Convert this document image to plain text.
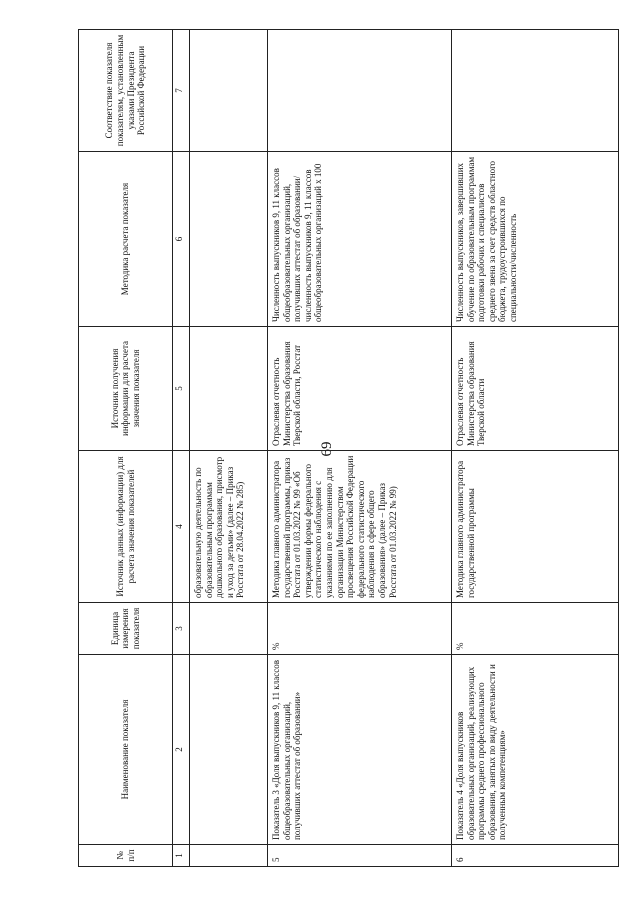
69
№ п/п	Наименование показателя	Единица измерения показателя	Источник данных (информации) для расчета значения показателей	Источник получения информации для расчета значения показателя	Методика расчета показателя	Соответствие показателя показателям, установленным указами Президента Российской Федерации
1	2	3	4	5	6	7
			образовательную деятельность по образовательным программам дошкольного образования, присмотр и уход за детьми» (далее – Приказ Росстата от 28.04.2022 № 285)			
5	Показатель 3 «Доля выпускников 9, 11 классов общеобразовательных организаций, получивших аттестат об образовании»	%	Методика главного администратора государственной программы, приказ Росстата от 01.03.2022 № 99 «Об утверждении формы федерального статистического наблюдения с указаниями по ее заполнению для организации Министерством просвещения Российской Федерации федерального статистического наблюдения в сфере общего образования» (далее – Приказ Росстата от 01.03.2022 № 99)	Отраслевая отчетность Министерства образования Тверской области, Росстат	Численность выпускников 9, 11 классов общеобразовательных организаций, получивших аттестат об образовании/численность выпускников 9, 11 классов общеобразовательных организаций х 100	
6	Показатель 4 «Доля выпускников образовательных организаций, реализующих программы среднего профессионального образования, занятых по виду деятельности и полученным компетенциям»	%	Методика главного администратора государственной программы	Отраслевая отчетность Министерства образования Тверской области	Численность выпускников, завершивших обучение по образовательным программам подготовки рабочих и специалистов среднего звена за счет средств областного бюджета, трудоустроившихся по специальности/численность	
